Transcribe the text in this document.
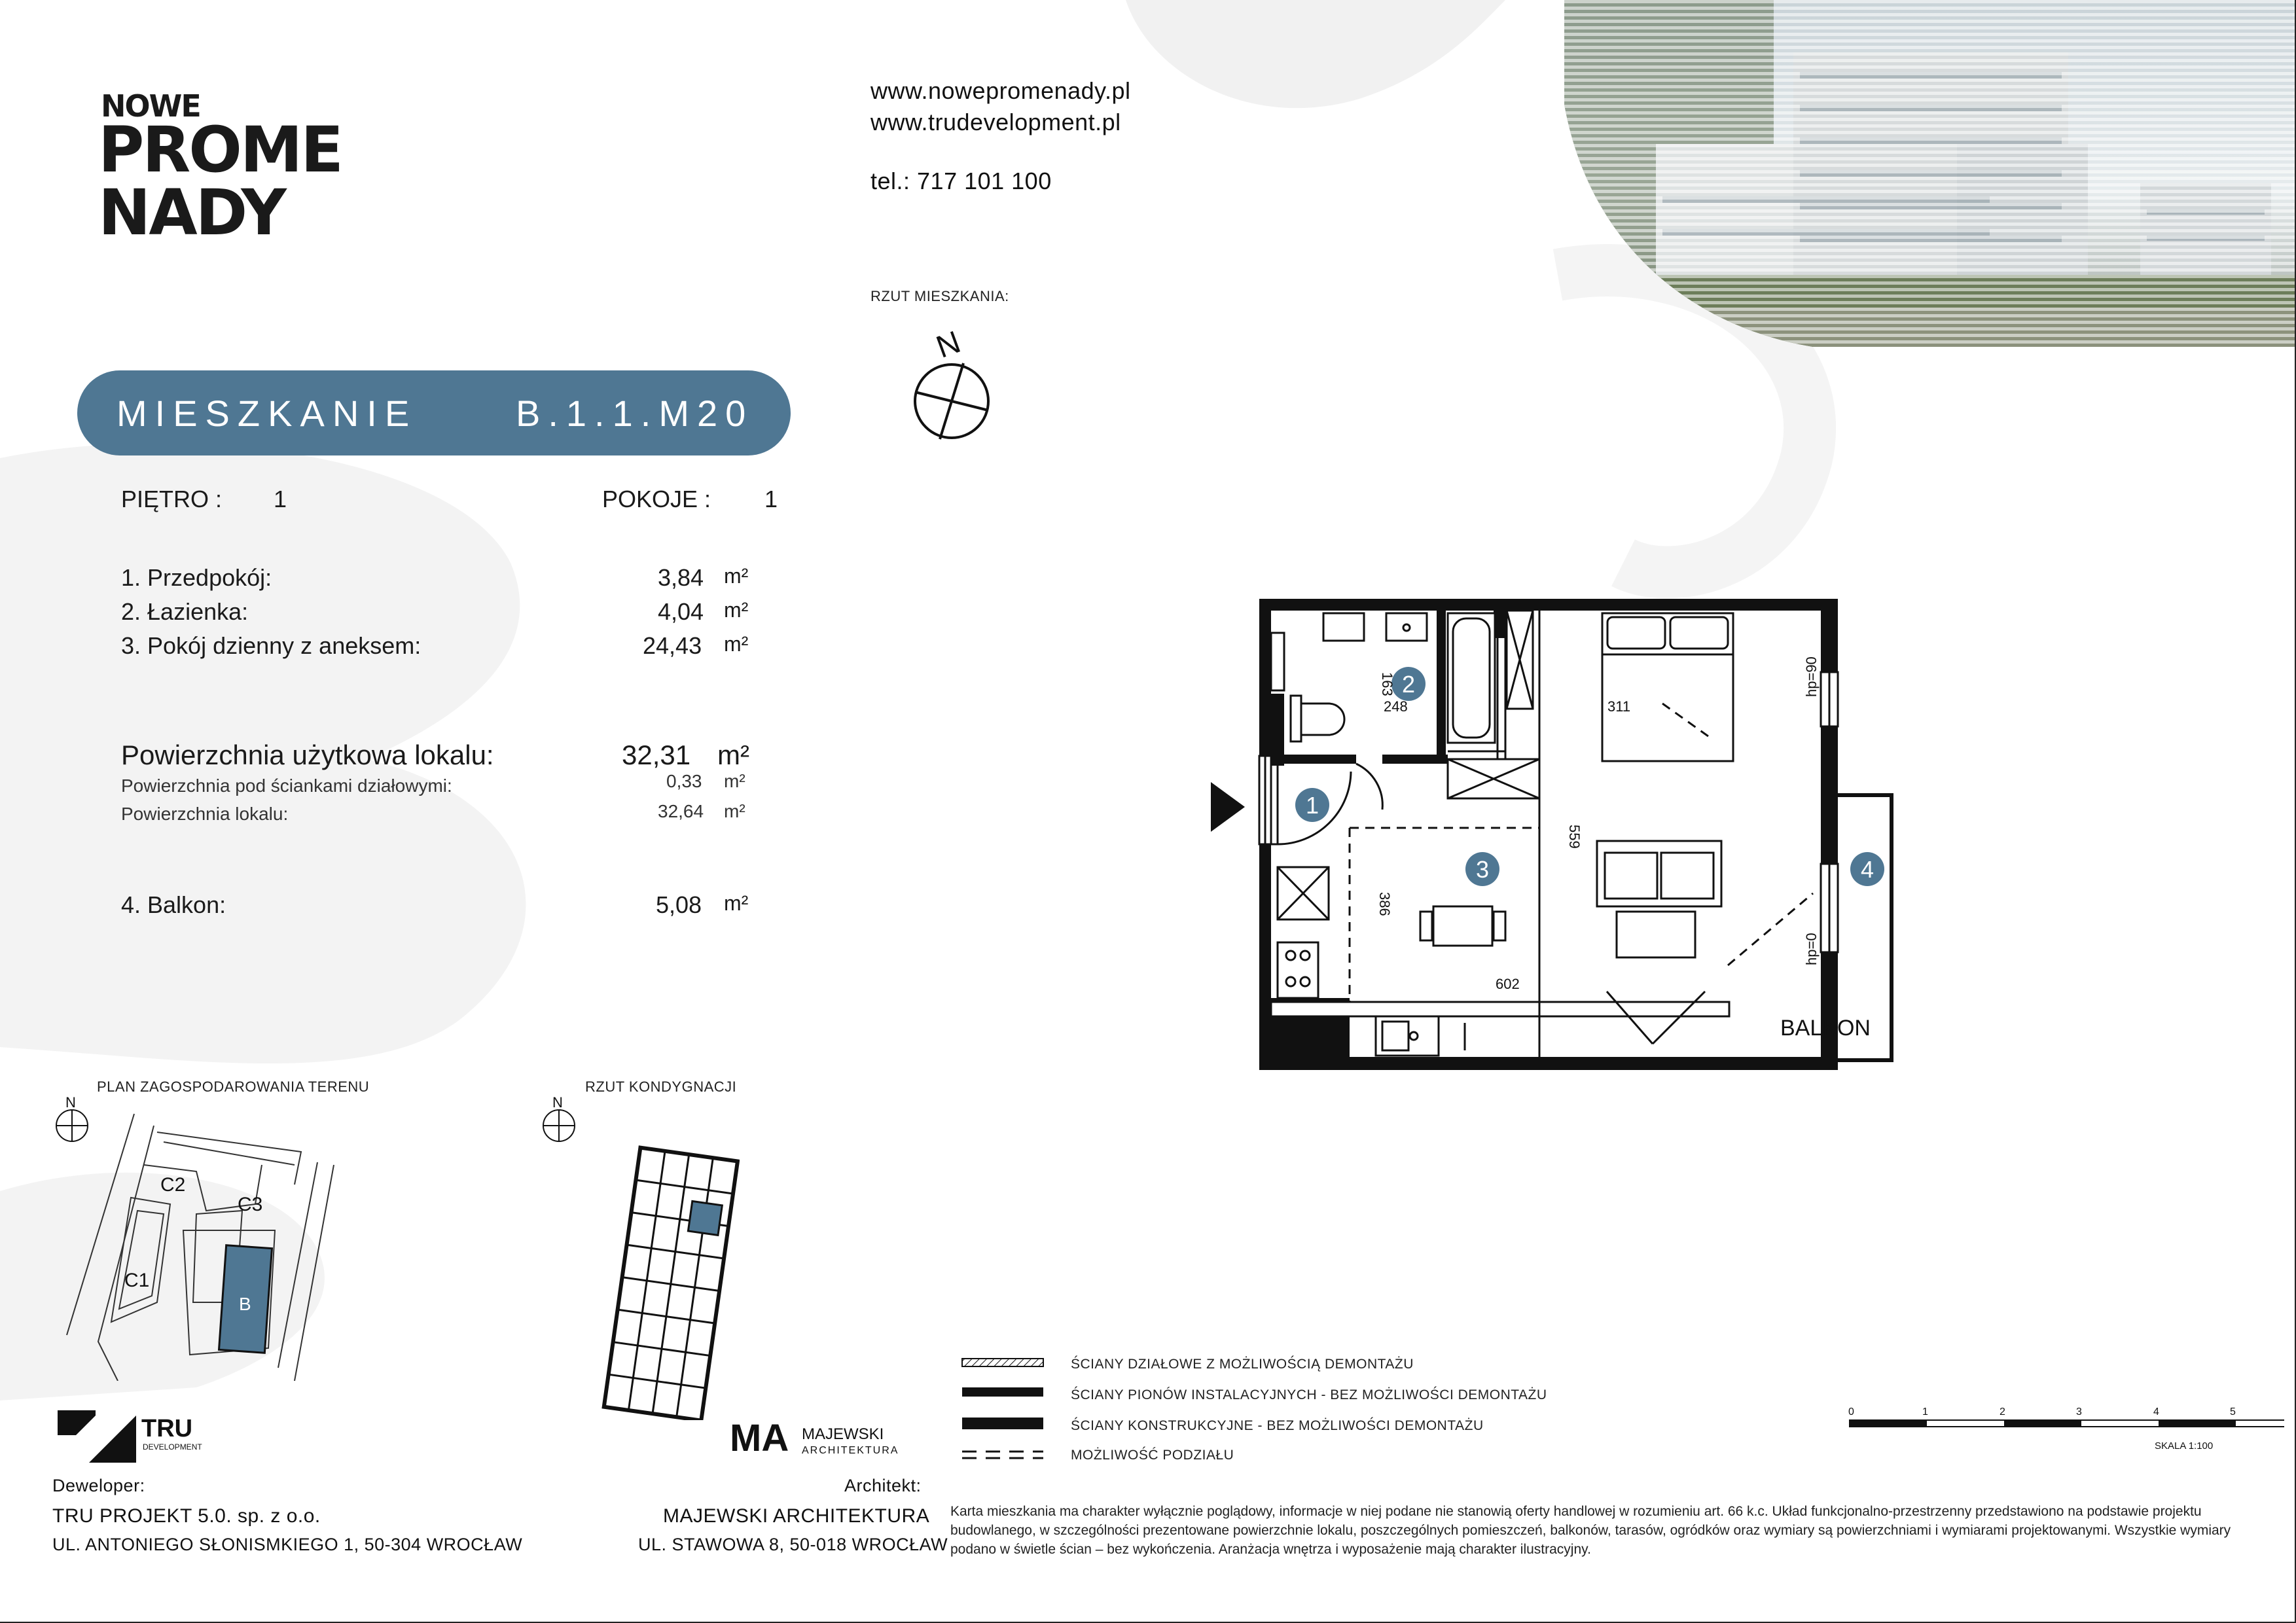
NOWE
PROME
NADY
www.nowepromenady.pl
www.trudevelopment.pl
tel.: 717 101 100
RZUT MIESZKANIA:
N
MIESZKANIE	B.1.1.M20
PIĘTRO : 1	POKOJE : 1
1. Przedpokój:	3,84 m²
2. Łazienka:	4,04 m²
3. Pokój dzienny z aneksem:	24,43 m²
Powierzchnia użytkowa lokalu:	32,31 m²
Powierzchnia pod ściankami działowymi:	0,33 m²
Powierzchnia lokalu:	32,64 m²
4. Balkon:	5,08 m²
1
2
3	4
163
248	311
hp=90
559
386
602
hp=0
BALKON
PLAN ZAGOSPODAROWANIA TERENU
N
C2
C3
C1
B
RZUT KONDYGNACJI
N
ŚCIANY DZIAŁOWE Z MOŻLIWOŚCIĄ DEMONTAŻU
ŚCIANY PIONÓW INSTALACYJNYCH - BEZ MOŻLIWOŚCI DEMONTAŻU
ŚCIANY KONSTRUKCYJNE - BEZ MOŻLIWOŚCI DEMONTAŻU
MOŻLIWOŚĆ PODZIAŁU
0	1	2	3	4	5
SKALA 1:100
TRU
DEVELOPMENT
Deweloper:
TRU PROJEKT 5.0. sp. z o.o.
UL. ANTONIEGO SŁONISMKIEGO 1, 50-304 WROCŁAW
MA MAJEWSKI
ARCHITEKTURA
Architekt:
MAJEWSKI ARCHITEKTURA
UL. STAWOWA 8, 50-018 WROCŁAW
Karta mieszkania ma charakter wyłącznie poglądowy, informacje w niej podane nie stanowią oferty handlowej w rozumieniu art. 66 k.c. Układ funkcjonalno-przestrzenny przedstawiono na podstawie projektu budowlanego, w szczególności prezentowane powierzchnie lokalu, poszczególnych pomieszczeń, balkonów, tarasów, ogródków oraz wymiary są powierzchniami i wymiarami projektowanymi. Wszystkie wymiary podano w świetle ścian – bez wykończenia. Aranżacja wnętrza i wyposażenie mają charakter ilustracyjny.
